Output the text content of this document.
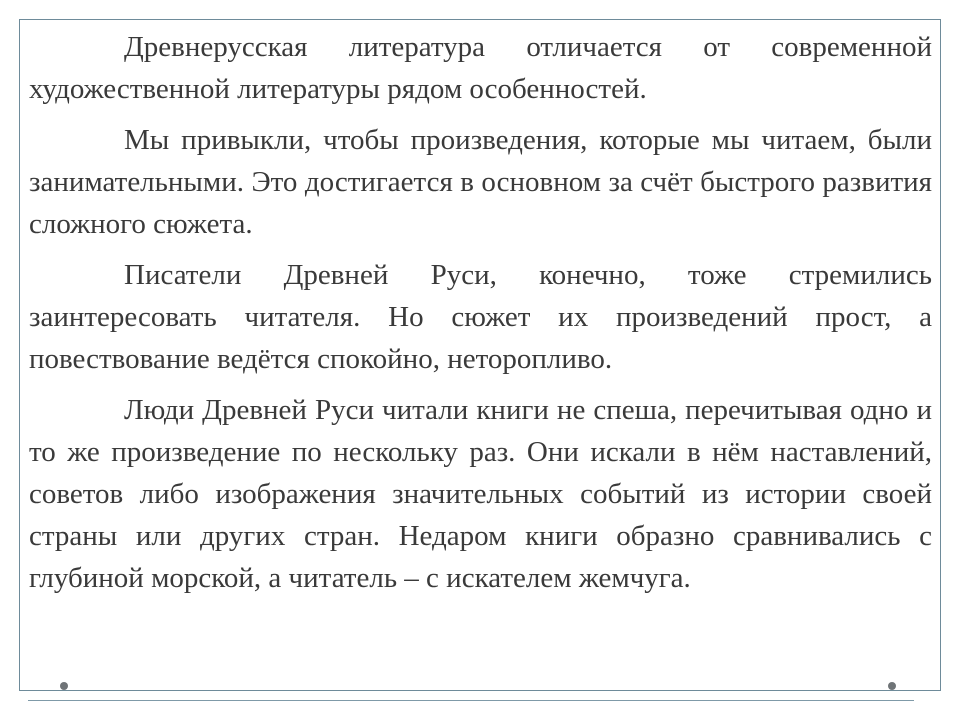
Древнерусская литература отличается от современной художественной литературы рядом особенностей.

Мы привыкли, чтобы произведения, которые мы читаем, были занимательными. Это достигается в основном за счёт быстрого развития сложного сюжета.

Писатели Древней Руси, конечно, тоже стремились заинтересовать читателя. Но сюжет их произведений прост, а повествование ведётся спокойно, неторопливо.

Люди Древней Руси читали книги не спеша, перечитывая одно и то же произведение по нескольку раз. Они искали в нём наставлений, советов либо изображения значительных событий из истории своей страны или других стран. Недаром книги образно сравнивались с глубиной морской, а читатель – с искателем жемчуга.
